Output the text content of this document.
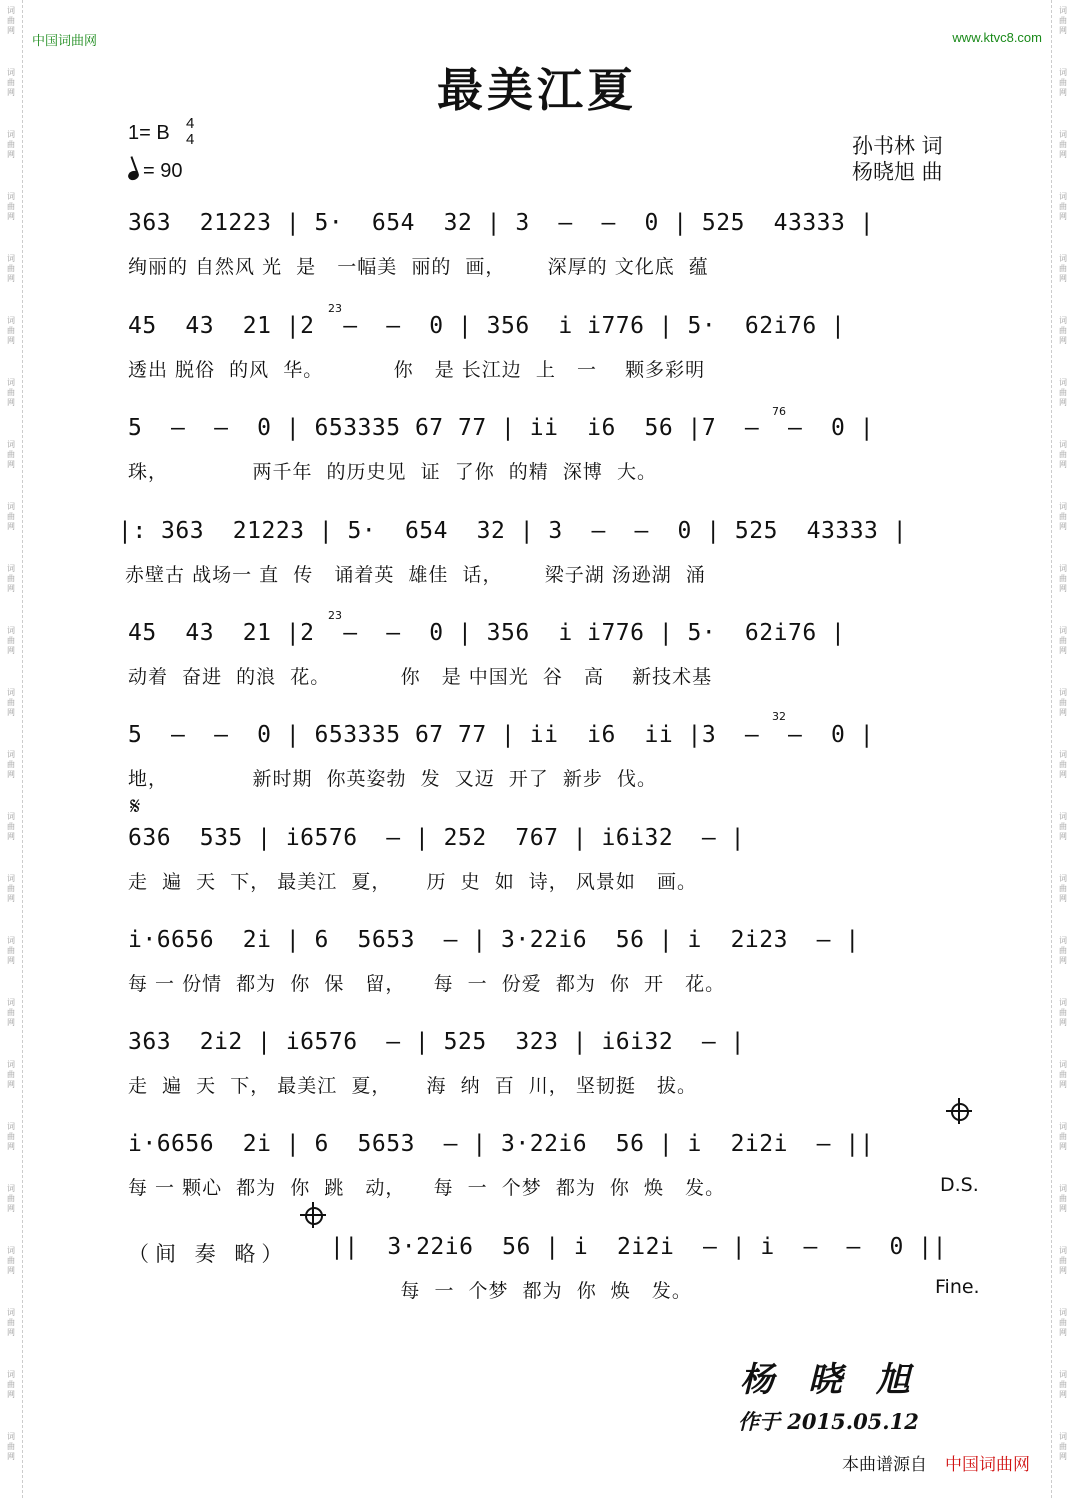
词
曲
网
词
曲
网
词
曲
网
词
曲
网
词
曲
网
词
曲
网
词
曲
网
词
曲
网
词
曲
网
词
曲
网
词
曲
网
词
曲
网
词
曲
网
词
曲
网
词
曲
网
词
曲
网
词
曲
网
词
曲
网
词
曲
网
词
曲
网
词
曲
网
词
曲
网
词
曲
网
词
曲
网
词
曲
网
词
曲
网
词
曲
网
词
曲
网
词
曲
网
词
曲
网
词
曲
网
词
曲
网
词
曲
网
词
曲
网
词
曲
网
词
曲
网
词
曲
网
词
曲
网
词
曲
网
词
曲
网
词
曲
网
词
曲
网
词
曲
网
词
曲
网
词
曲
网
词
曲
网
词
曲
网
词
曲
网
中国词曲网	www.ktvc8.com
最美江夏
1= B 4
4
= 90
孙书林 词
杨晓旭 曲
363  21223 | 5·  654  32 | 3  —  —  0 | 525  43333 |
绚丽的 自然风 光  是   一幅美  丽的  画，      深厚的 文化底  蕴
45  43  21 |2  —  —  0 | 356  i i776 | 5·  62i76 |
透出 脱俗  的风  华。          你   是 长江边  上   一    颗多彩明
5  —  —  0 | 653335 67 77 | ii  i6  56 |7  —  —  0 |
珠，            两千年  的历史见  证  了你  的精  深博  大。
|: 363  21223 | 5·  654  32 | 3  —  —  0 | 525  43333 |
赤壁古 战场一 直  传   诵着英  雄佳  话，      梁子湖 汤逊湖  涌
45  43  21 |2  —  —  0 | 356  i i776 | 5·  62i76 |
动着  奋进  的浪  花。          你   是 中国光  谷   高    新技术基
5  —  —  0 | 653335 67 77 | ii  i6  ii |3  —  —  0 |
地，            新时期  你英姿勃  发  又迈  开了  新步  伐。
636  535 | i6576  — | 252  767 | i6i32  — |
走  遍  天  下， 最美江  夏，     历  史  如  诗， 风景如   画。
i·6656  2i | 6  5653  — | 3·22i6  56 | i  2i23  — |
每 一 份情  都为  你  保   留，    每  一  份爱  都为  你  开   花。
363  2i2 | i6576  — | 525  323 | i6i32  — |
走  遍  天  下， 最美江  夏，     海  纳  百  川， 坚韧挺   拔。
i·6656  2i | 6  5653  — | 3·22i6  56 | i  2i2i  — ||
每 一 颗心  都为  你  跳   动，    每  一  个梦  都为  你  焕   发。
||  3·22i6  56 | i  2i2i  — | i  —  —  0 ||
每  一  个梦  都为  你  焕   发。
23
23
76
32
𝄋
D.S.
Fine.
（间 奏 略）
杨晓旭
作于 2015.05.12
本曲谱源自 中国词曲网
